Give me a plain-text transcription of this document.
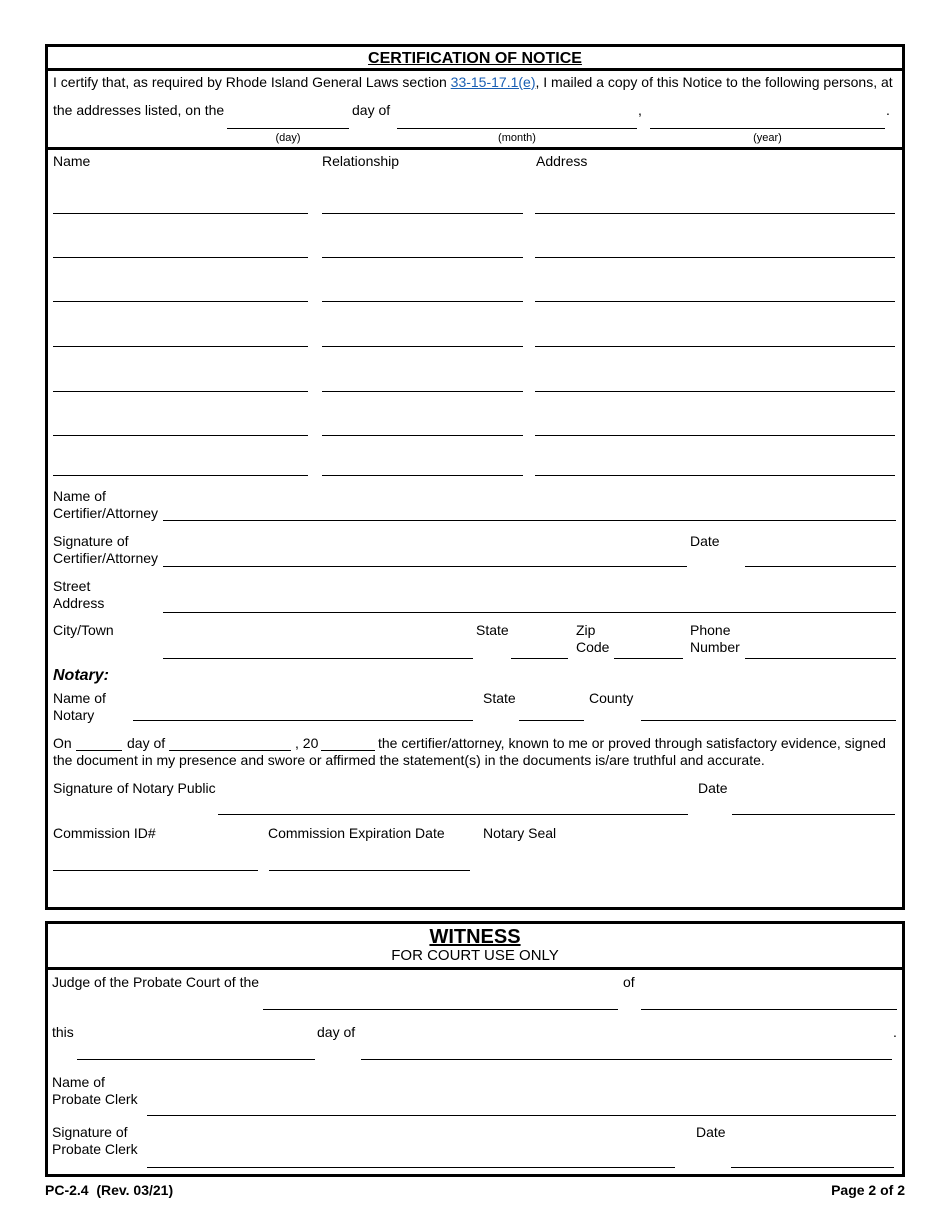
CERTIFICATION OF NOTICE
I certify that, as required by Rhode Island General Laws section 33-15-17.1(e), I mailed a copy of this Notice to the following persons, at
the addresses listed, on the	day of	,	.
(day)	(month)	(year)
Name	Relationship	Address
Name of
Certifier/Attorney
Signature of
Certifier/Attorney
Date
Street
Address
City/Town	State	Zip
Code
Phone
Number
Notary:
Name of
Notary
State	County
On	day of	, 20	the certifier/attorney, known to me or proved through satisfactory evidence, signed
the document in my presence and swore or affirmed the statement(s) in the documents is/are truthful and accurate.
Signature of Notary Public	Date
Commission ID#	Commission Expiration Date	Notary Seal
WITNESS
FOR COURT USE ONLY
Judge of the Probate Court of the	of
this	day of	.
Name of
Probate Clerk
Signature of
Probate Clerk
Date
PC-2.4  (Rev. 03/21)	Page 2 of 2
